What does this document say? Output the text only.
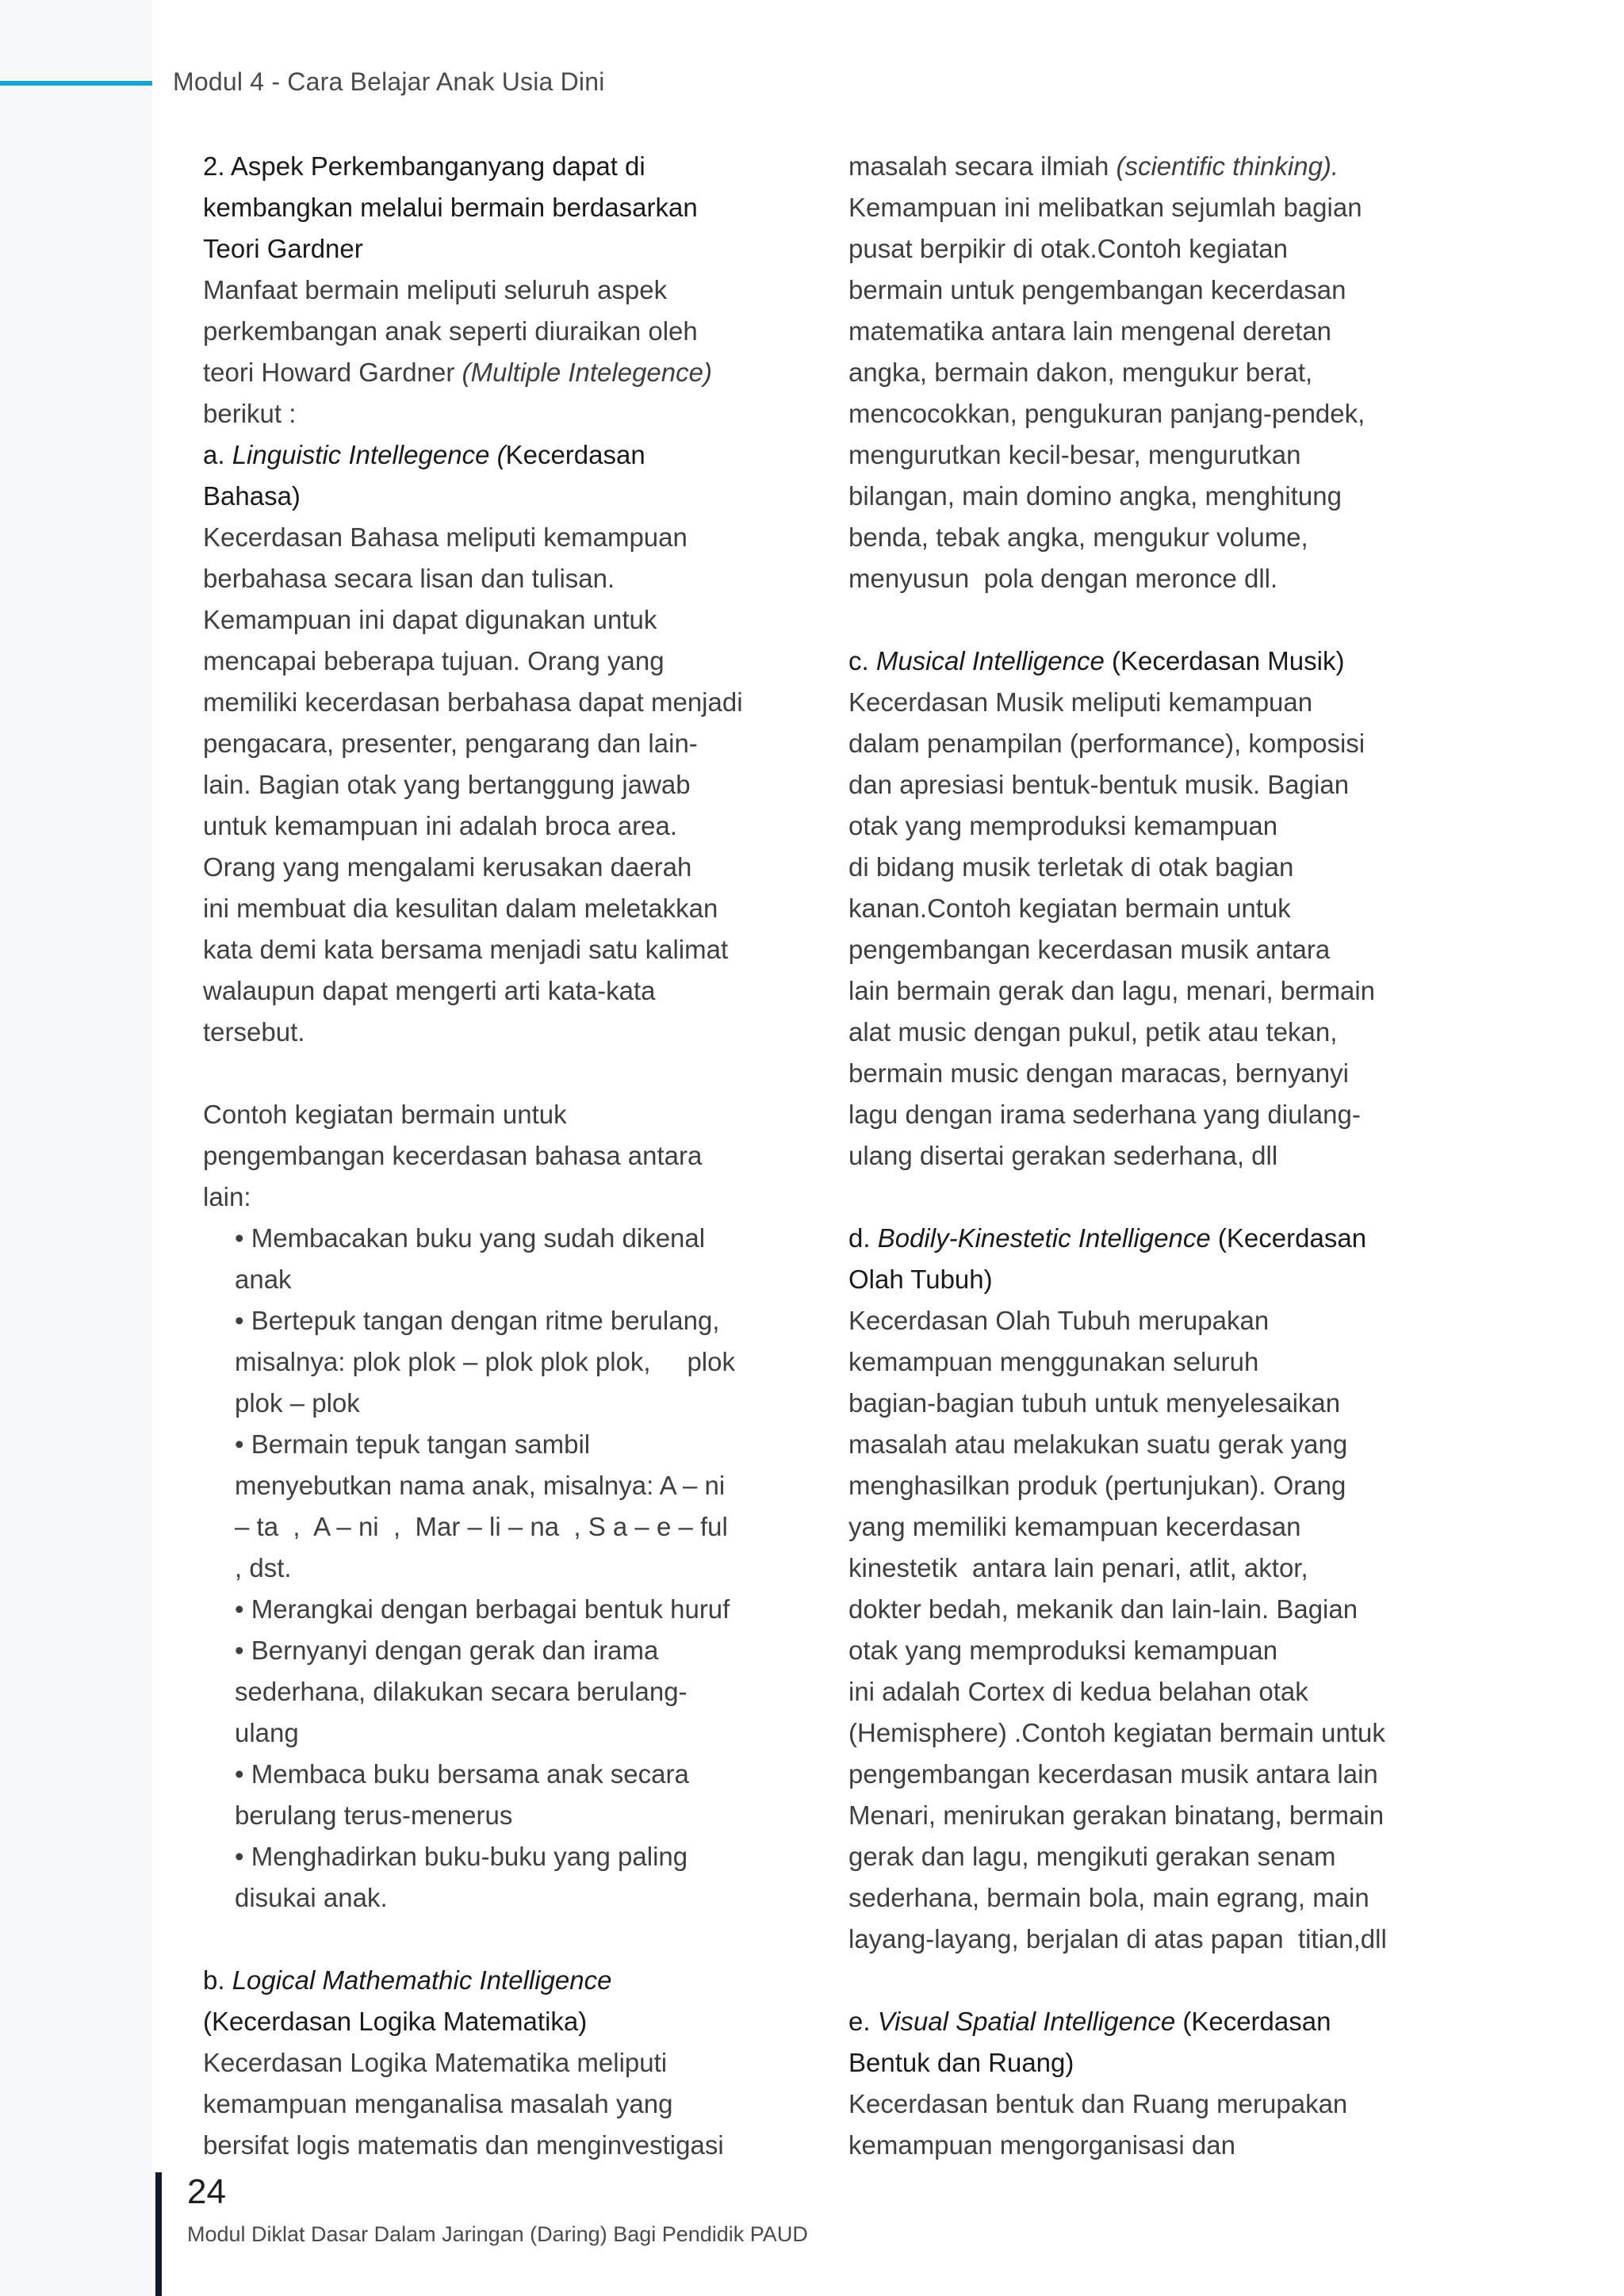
Modul 4 - Cara Belajar Anak Usia Dini
2. Aspek Perkembanganyang dapat di
kembangkan melalui bermain berdasarkan
Teori Gardner
Manfaat bermain meliputi seluruh aspek
perkembangan anak seperti diuraikan oleh
teori Howard Gardner (Multiple Intelegence)
berikut :
a. Linguistic Intellegence (Kecerdasan
Bahasa)
Kecerdasan Bahasa meliputi kemampuan
berbahasa secara lisan dan tulisan.
Kemampuan ini dapat digunakan untuk
mencapai beberapa tujuan. Orang yang
memiliki kecerdasan berbahasa dapat menjadi
pengacara, presenter, pengarang dan lain-
lain. Bagian otak yang bertanggung jawab
untuk kemampuan ini adalah broca area.
Orang yang mengalami kerusakan daerah
ini membuat dia kesulitan dalam meletakkan
kata demi kata bersama menjadi satu kalimat
walaupun dapat mengerti arti kata-kata
tersebut.
Contoh kegiatan bermain untuk
pengembangan kecerdasan bahasa antara
lain:
• Membacakan buku yang sudah dikenal
anak
• Bertepuk tangan dengan ritme berulang,
misalnya: plok plok – plok plok plok,     plok
plok – plok
• Bermain tepuk tangan sambil
menyebutkan nama anak, misalnya: A – ni
– ta  ,  A – ni  ,  Mar – li – na  , S a – e – ful
, dst.
• Merangkai dengan berbagai bentuk huruf
• Bernyanyi dengan gerak dan irama
sederhana, dilakukan secara berulang-
ulang
• Membaca buku bersama anak secara
berulang terus-menerus
• Menghadirkan buku-buku yang paling
disukai anak.
b. Logical Mathemathic Intelligence
(Kecerdasan Logika Matematika)
Kecerdasan Logika Matematika meliputi
kemampuan menganalisa masalah yang
bersifat logis matematis dan menginvestigasi
masalah secara ilmiah (scientific thinking).
Kemampuan ini melibatkan sejumlah bagian
pusat berpikir di otak.Contoh kegiatan
bermain untuk pengembangan kecerdasan
matematika antara lain mengenal deretan
angka, bermain dakon, mengukur berat,
mencocokkan, pengukuran panjang-pendek,
mengurutkan kecil-besar, mengurutkan
bilangan, main domino angka, menghitung
benda, tebak angka, mengukur volume,
menyusun  pola dengan meronce dll.
c. Musical Intelligence (Kecerdasan Musik)
Kecerdasan Musik meliputi kemampuan
dalam penampilan (performance), komposisi
dan apresiasi bentuk-bentuk musik. Bagian
otak yang memproduksi kemampuan
di bidang musik terletak di otak bagian
kanan.Contoh kegiatan bermain untuk
pengembangan kecerdasan musik antara
lain bermain gerak dan lagu, menari, bermain
alat music dengan pukul, petik atau tekan,
bermain music dengan maracas, bernyanyi
lagu dengan irama sederhana yang diulang-
ulang disertai gerakan sederhana, dll
d. Bodily-Kinestetic Intelligence (Kecerdasan
Olah Tubuh)
Kecerdasan Olah Tubuh merupakan
kemampuan menggunakan seluruh
bagian-bagian tubuh untuk menyelesaikan
masalah atau melakukan suatu gerak yang
menghasilkan produk (pertunjukan). Orang
yang memiliki kemampuan kecerdasan
kinestetik  antara lain penari, atlit, aktor,
dokter bedah, mekanik dan lain-lain. Bagian
otak yang memproduksi kemampuan
ini adalah Cortex di kedua belahan otak
(Hemisphere) .Contoh kegiatan bermain untuk
pengembangan kecerdasan musik antara lain
Menari, menirukan gerakan binatang, bermain
gerak dan lagu, mengikuti gerakan senam
sederhana, bermain bola, main egrang, main
layang-layang, berjalan di atas papan  titian,dll
e. Visual Spatial Intelligence (Kecerdasan
Bentuk dan Ruang)
Kecerdasan bentuk dan Ruang merupakan
kemampuan mengorganisasi dan
24
Modul Diklat Dasar Dalam Jaringan (Daring) Bagi Pendidik PAUD
